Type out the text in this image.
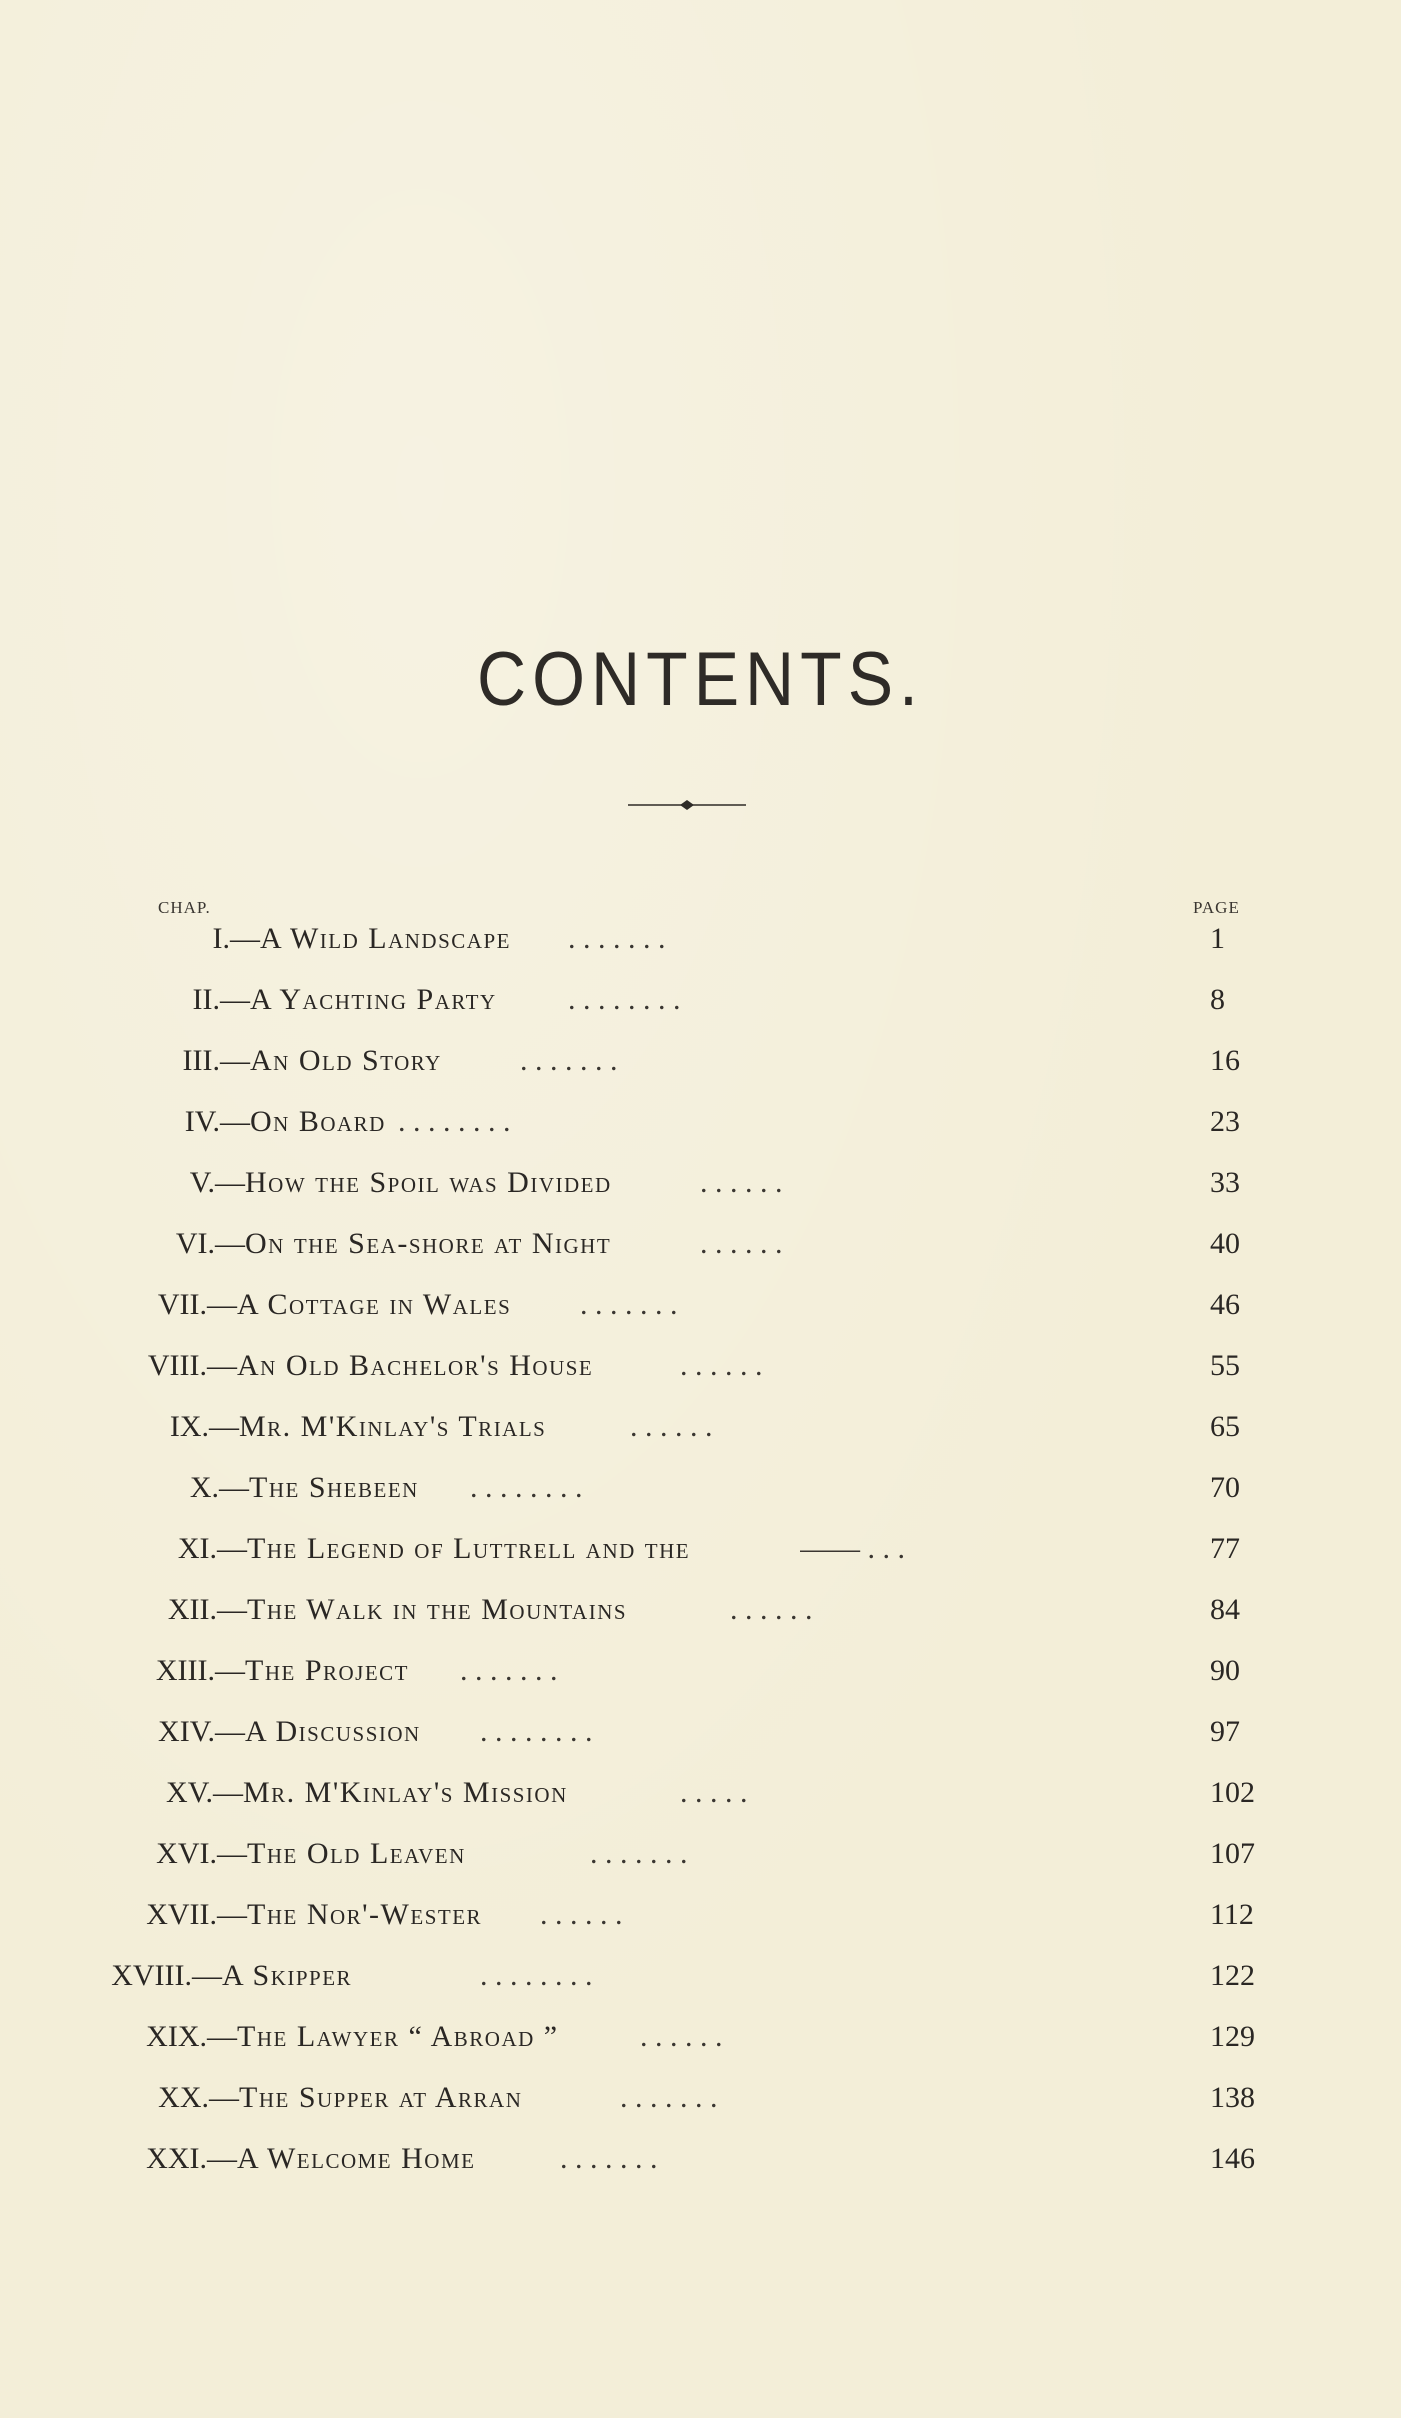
CONTENTS.
CHAP.	PAGE
I.— A Wild Landscape . . . . . . .	1
II.— A Yachting Party . . . . . . . .	8
III.— An Old Story	. . . . . . .	16
IV.— On Board . . . . . . . .	23
V.— How the Spoil was Divided	. . . . . .	33
VI.— On the Sea-shore at Night	. . . . . .	40
VII.— A Cottage in Wales . . . . . . .	46
VIII.— An Old Bachelor's House	. . . . . .	55
IX.— Mr. M'Kinlay's Trials	. . . . . .	65
X.— The Shebeen . . . . . . . .	70
XI.— The Legend of Luttrell and the	—— . . .	77
XII.— The Walk in the Mountains	. . . . . .	84
XIII.— The Project . . . . . . .	90
XIV.— A Discussion . . . . . . . .	97
XV.— Mr. M'Kinlay's Mission	. . . . .	102
XVI.— The Old Leaven	. . . . . . .	107
XVII.— The Nor'-Wester . . . . . .	112
XVIII.— A Skipper	. . . . . . . .	122
XIX.— The Lawyer “ Abroad ”	. . . . . .	129
XX.— The Supper at Arran	. . . . . . .	138
XXI.— A Welcome Home	. . . . . . .	146
